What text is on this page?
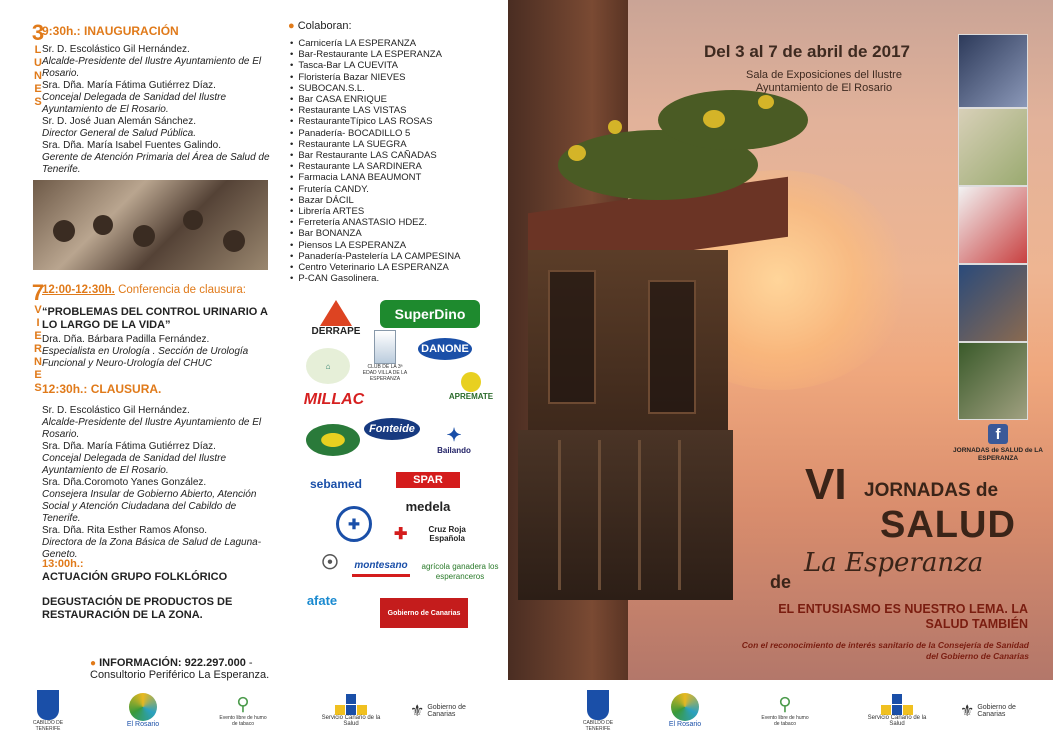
3
L
U
N
E
S
9:30h.: INAUGURACIÓN
Sr. D. Escolástico Gil Hernández.
Alcalde-Presidente del Ilustre Ayuntamiento de El Rosario.
Sra. Dña. María Fátima Gutiérrez Díaz.
Concejal Delegada de Sanidad del Ilustre Ayuntamiento de El Rosario.
Sr. D. José Juan Alemán Sánchez.
Director General de Salud Pública.
Sra. Dña. María Isabel Fuentes Galindo.
Gerente de Atención Primaria del Área de Salud de Tenerife.
7
V
I
E
R
N
E
S
12:00-12:30h. Conferencia de clausura:
“PROBLEMAS DEL CONTROL URINARIO A LO LARGO DE LA VIDA”
Dra. Dña. Bárbara Padilla Fernández.
Especialista en Urología . Sección de Urología Funcional y Neuro-Urología del CHUC
12:30h.: CLAUSURA.
Sr. D. Escolástico Gil Hernández.
Alcalde-Presidente del Ilustre Ayuntamiento de El Rosario.
Sra. Dña. María Fátima Gutiérrez Díaz.
Concejal Delegada de Sanidad del Ilustre Ayuntamiento de El Rosario.
Sra. Dña.Coromoto Yanes González.
Consejera Insular de Gobierno Abierto, Atención Social y Atención Ciudadana del Cabildo de Tenerife.
Sra. Dña. Rita Esther Ramos Afonso.
Directora de la Zona Básica de Salud de Laguna-Geneto.
13:00h.:
ACTUACIÓN GRUPO FOLKLÓRICO
DEGUSTACIÓN DE PRODUCTOS DE RESTAURACIÓN DE LA ZONA.
● INFORMACIÓN: 922.297.000 - Consultorio Periférico La Esperanza.
● Colaboran:
• Carnicería LA ESPERANZA
• Bar-Restaurante LA ESPERANZA
• Tasca-Bar LA CUEVITA
• Floristería Bazar NIEVES
• SUBOCAN.S.L.
• Bar CASA ENRIQUE
• Restaurante LAS VISTAS
• RestauranteTípico LAS ROSAS
• Panadería- BOCADILLO 5
• Restaurante LA SUEGRA
• Bar Restaurante LAS CAÑADAS
• Restaurante LA SARDINERA
• Farmacia LANA BEAUMONT
• Frutería CANDY.
• Bazar DÁCIL
• Librería ARTES
• Ferretería ANASTASIO HDEZ.
• Bar BONANZA
• Piensos LA ESPERANZA
• Panadería-Pastelería LA CAMPESINA
• Centro Veterinario LA ESPERANZA
• P-CAN Gasolinera.
DERRAPE
SuperDino
⌂	CLUB DE LA 3ª EDAD VILLA DE LA ESPERANZA
DANONE
APREMATE
MILLAC
Fonteide ✦
Bailando
sebamed	SPAR
medela
✚
✚	Cruz Roja Española
☉	montesano agrícola ganadera los esperanceros
afate
Gobierno de Canarias
Del 3 al 7 de abril de 2017
Sala de Exposiciones del Ilustre Ayuntamiento de El Rosario
f
JORNADAS de SALUD de LA ESPERANZA
VI JORNADAS de
SALUD
de
La Esperanza
EL ENTUSIASMO ES NUESTRO LEMA. LA SALUD TAMBIÉN
Con el reconocimiento de interés sanitario de la Consejería de Sanidad del Gobierno de Canarias
CABILDO DE TENERIFE
El Rosario
⚲
Evento libre de humo de tabaco
Servicio Canario de la Salud
⚜ Gobierno de Canarias
CABILDO DE TENERIFE
El Rosario
⚲
Evento libre de humo de tabaco
Servicio Canario de la Salud
⚜ Gobierno de Canarias
